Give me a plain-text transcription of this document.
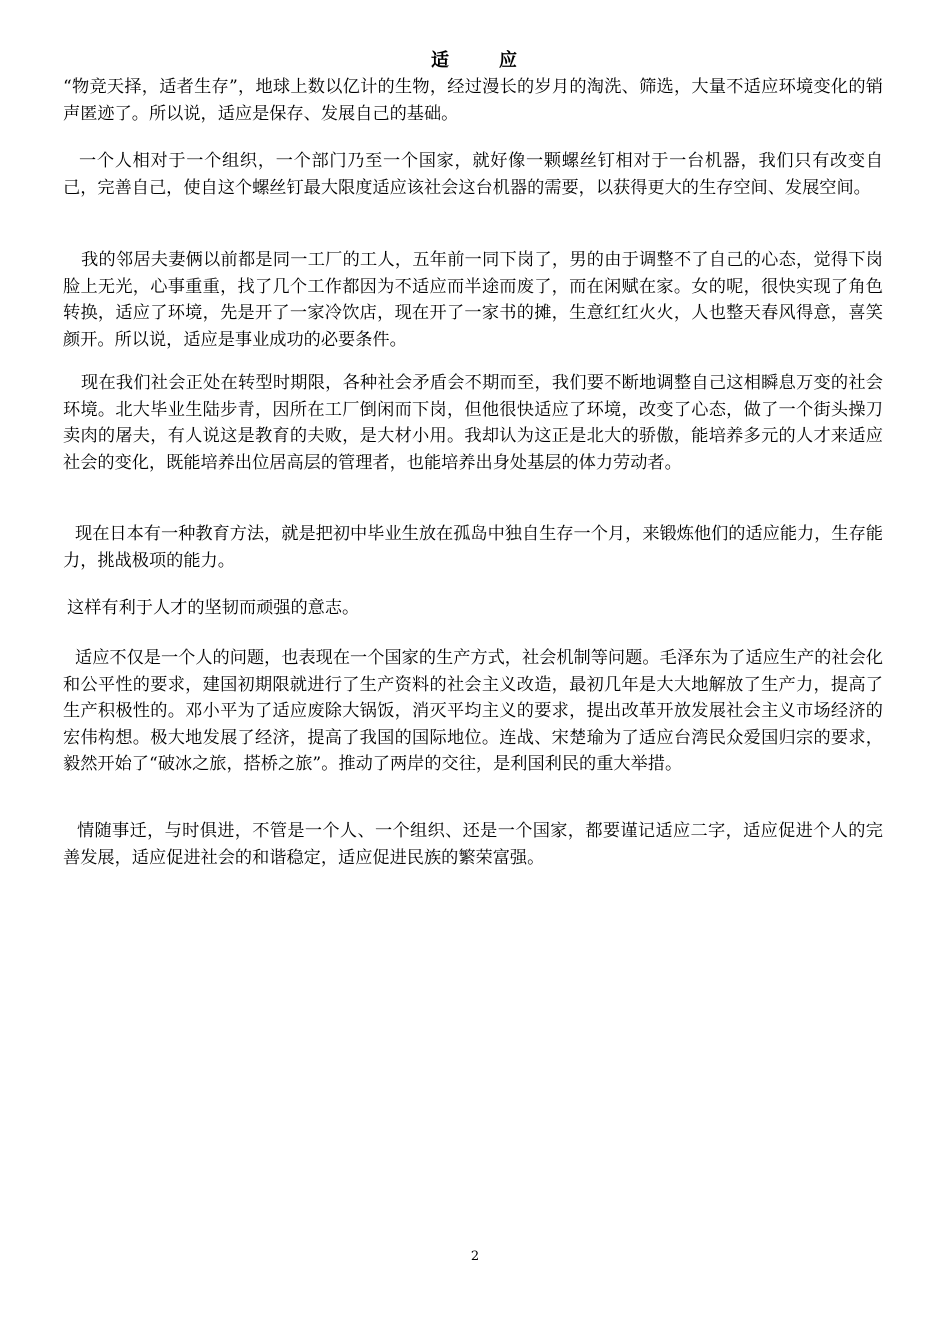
适	应

“物竞天择，适者生存”，地球上数以亿计的生物，经过漫长的岁月的淘洗、筛选，大量不适应环境变化的销声匿迹了。所以说，适应是保存、发展自己的基础。

一个人相对于一个组织，一个部门乃至一个国家，就好像一颗螺丝钉相对于一台机器，我们只有改变自己，完善自己，使自这个螺丝钉最大限度适应该社会这台机器的需要，以获得更大的生存空间、发展空间。

我的邻居夫妻俩以前都是同一工厂的工人，五年前一同下岗了，男的由于调整不了自己的心态，觉得下岗脸上无光，心事重重，找了几个工作都因为不适应而半途而废了，而在闲赋在家。女的呢，很快实现了角色转换，适应了环境，先是开了一家冷饮店，现在开了一家书的摊，生意红红火火，人也整天春风得意，喜笑颜开。所以说，适应是事业成功的必要条件。

现在我们社会正处在转型时期限，各种社会矛盾会不期而至，我们要不断地调整自己这相瞬息万变的社会环境。北大毕业生陆步青，因所在工厂倒闲而下岗，但他很快适应了环境，改变了心态，做了一个街头操刀卖肉的屠夫，有人说这是教育的夫败，是大材小用。我却认为这正是北大的骄傲，能培养多元的人才来适应社会的变化，既能培养出位居高层的管理者，也能培养出身处基层的体力劳动者。

现在日本有一种教育方法，就是把初中毕业生放在孤岛中独自生存一个月，来锻炼他们的适应能力，生存能力，挑战极项的能力。

这样有利于人才的坚韧而顽强的意志。

适应不仅是一个人的问题，也表现在一个国家的生产方式，社会机制等问题。毛泽东为了适应生产的社会化和公平性的要求，建国初期限就进行了生产资料的社会主义改造，最初几年是大大地解放了生产力，提高了生产积极性的。邓小平为了适应废除大锅饭，消灭平均主义的要求，提出改革开放发展社会主义市场经济的宏伟构想。极大地发展了经济，提高了我国的国际地位。连战、宋楚瑜为了适应台湾民众爱国归宗的要求，毅然开始了“破冰之旅，搭桥之旅”。推动了两岸的交往，是利国利民的重大举措。

情随事迁，与时俱进，不管是一个人、一个组织、还是一个国家，都要谨记适应二字，适应促进个人的完善发展，适应促进社会的和谐稳定，适应促进民族的繁荣富强。

2
